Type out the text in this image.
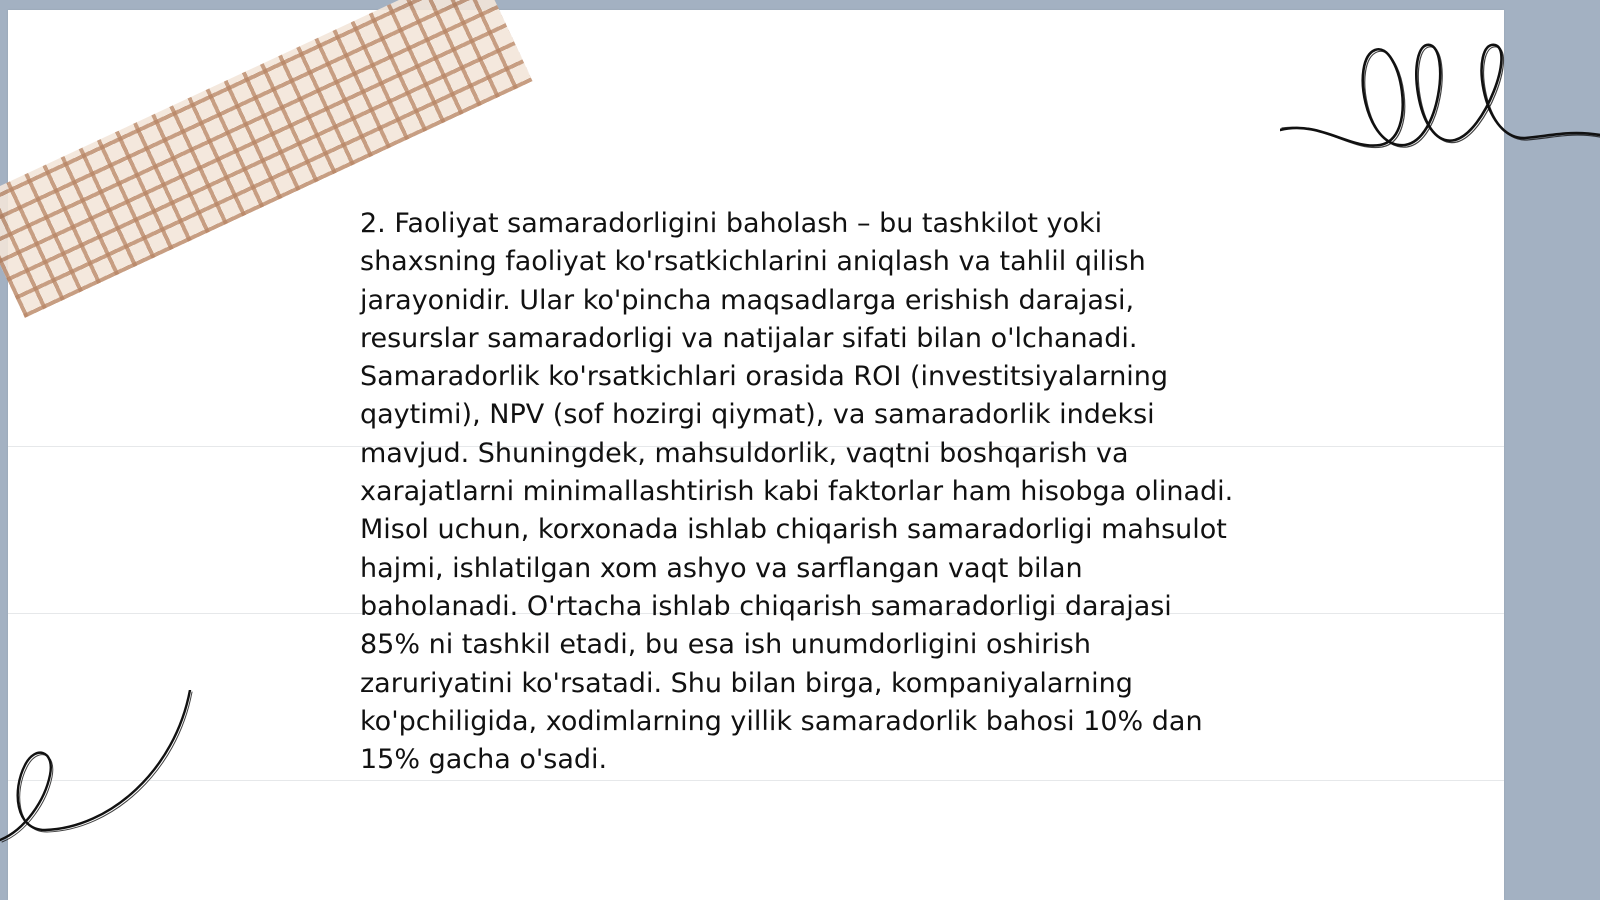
2. Faoliyat samaradorligini baholash – bu tashkilot yoki shaxsning faoliyat ko'rsatkichlarini aniqlash va tahlil qilish jarayonidir. Ular ko'pincha maqsadlarga erishish darajasi, resurslar samaradorligi va natijalar sifati bilan o'lchanadi. Samaradorlik ko'rsatkichlari orasida ROI (investitsiyalarning qaytimi), NPV (sof hozirgi qiymat), va samaradorlik indeksi mavjud. Shuningdek, mahsuldorlik, vaqtni boshqarish va xarajatlarni minimallashtirish kabi faktorlar ham hisobga olinadi. Misol uchun, korxonada ishlab chiqarish samaradorligi mahsulot hajmi, ishlatilgan xom ashyo va sarflangan vaqt bilan baholanadi. O'rtacha ishlab chiqarish samaradorligi darajasi 85% ni tashkil etadi, bu esa ish unumdorligini oshirish zaruriyatini ko'rsatadi. Shu bilan birga, kompaniyalarning ko'pchiligida, xodimlarning yillik samaradorlik bahosi 10% dan 15% gacha o'sadi.
